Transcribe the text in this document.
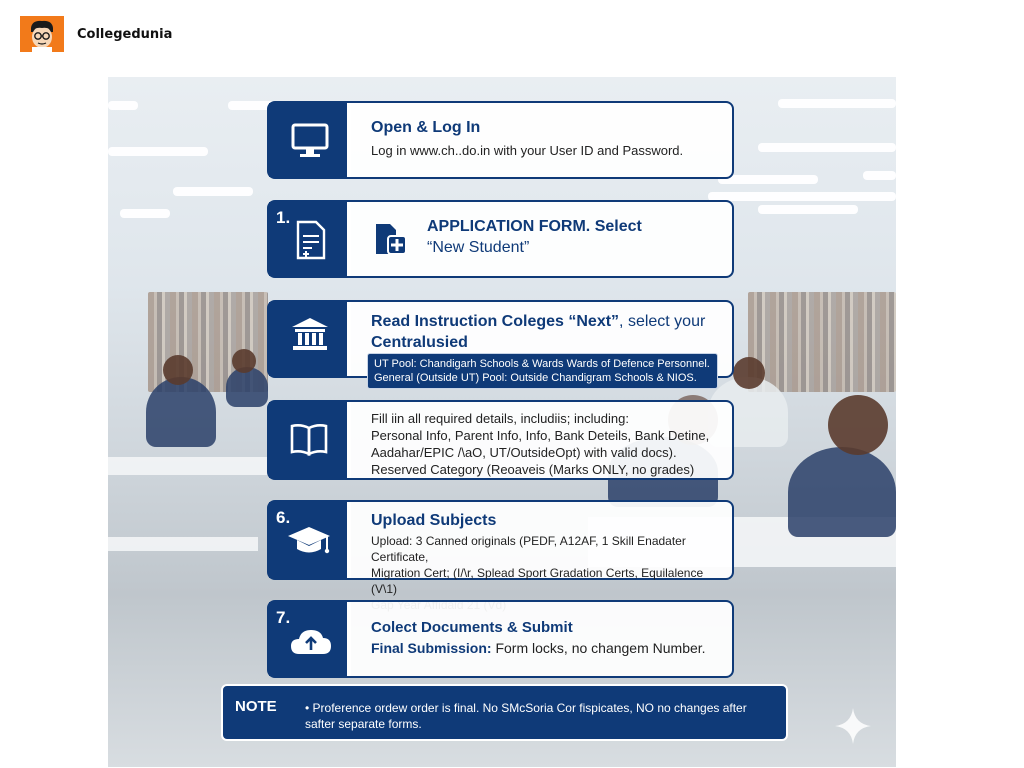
Collegedunia
Open & Log In
Log in www.ch..do.in with your User ID and Password.
1.	APPLICATION FORM. Select
“New Student”
Read Instruction Coleges “Next”, select your
Centralusied
UT Pool: Chandigarh Schools & Wards Wards of Defence Personnel.
General (Outside UT) Pool: Outside Chandigram Schools & NIOS.
Fill iin all required details, includiis; including:
Personal Info, Parent Info, Info, Bank Deteils, Bank Detine,
Aadahar/EPIC /\aO, UT/OutsideOpt) with valid docs).
Reserved Category (Reoaveis (Marks ONLY, no grades)
6.	Upload Subjects
Upload: 3 Canned originals (PEDF, A12AF, 1 Skill Enadater Certificate,
Migration Cert; (I/\r, Splead Sport Gradation Certs, Equilalence (V\1)
7.
Colect Documents & Submit
Final Submission: Form locks, no changem Number.
NOTE • Proference ordew order is final. No SMcSoria Cor fispicates, NO no changes after safter separate forms.
